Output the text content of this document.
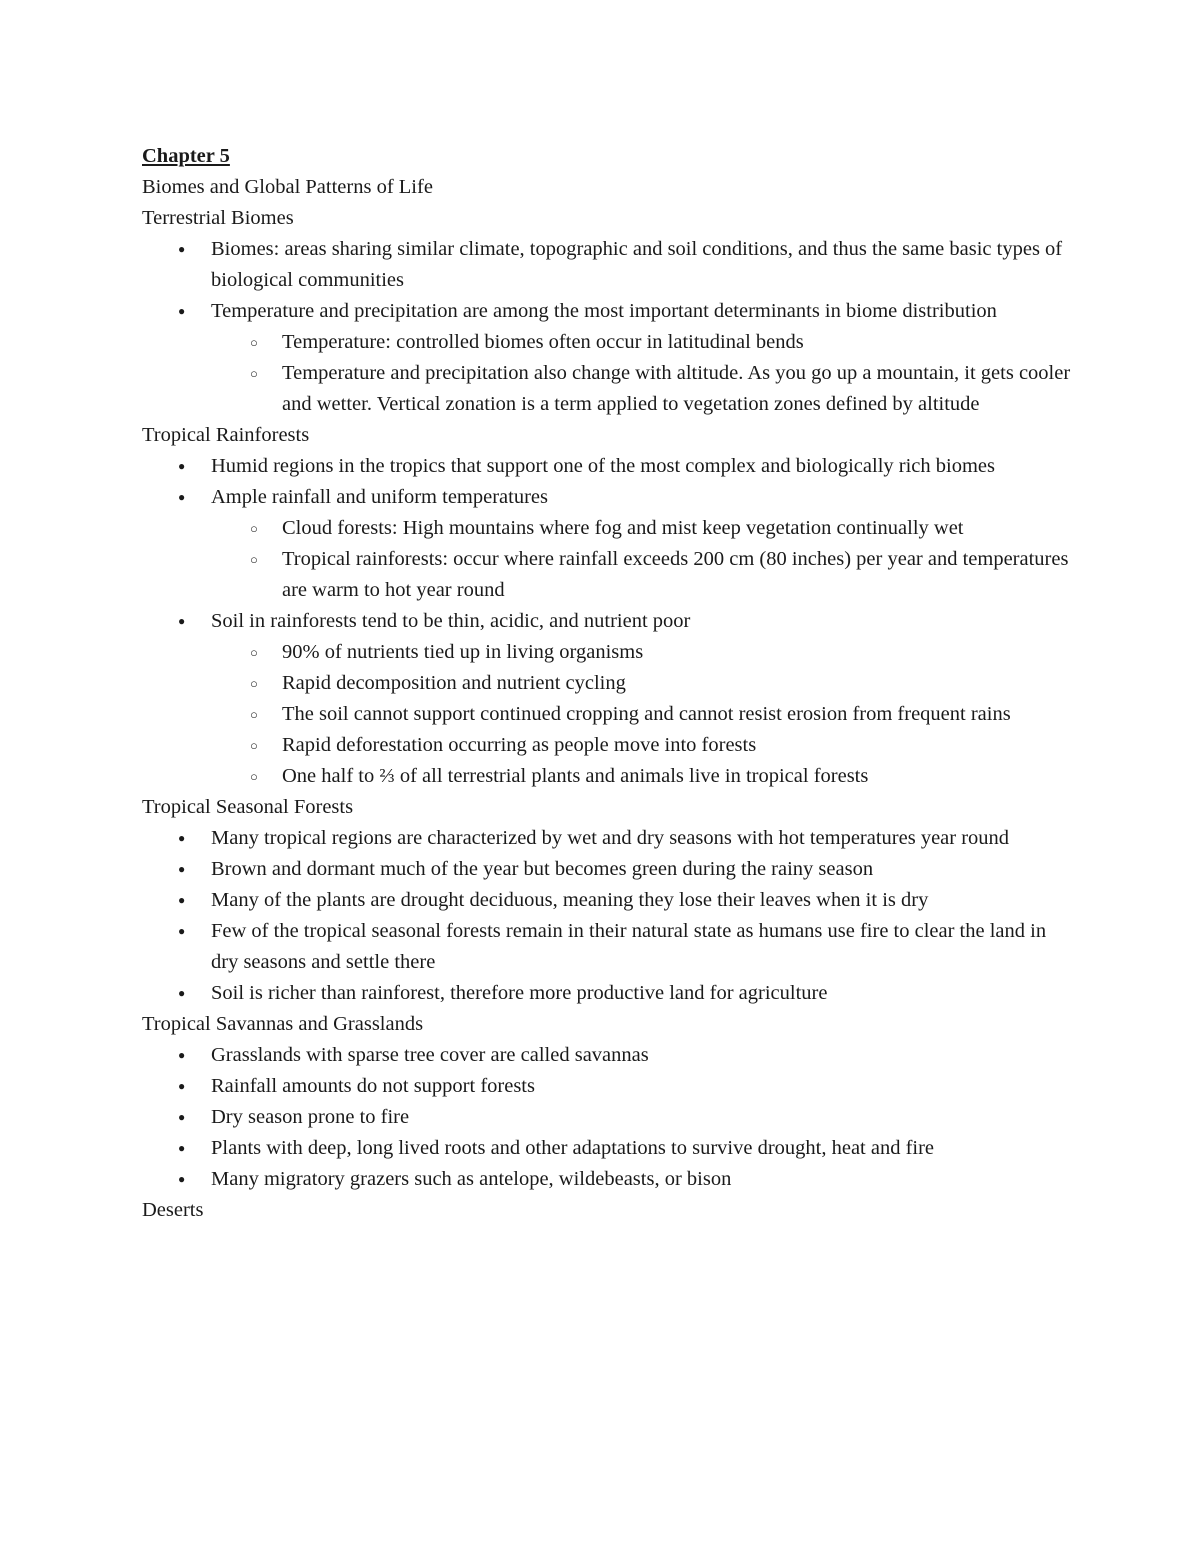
Chapter 5

Biomes and Global Patterns of Life

Terrestrial Biomes

● Biomes: areas sharing similar climate, topographic and soil conditions, and thus the same basic types of biological communities
● Temperature and precipitation are among the most important determinants in biome distribution
○ Temperature: controlled biomes often occur in latitudinal bends
○ Temperature and precipitation also change with altitude. As you go up a mountain, it gets cooler and wetter. Vertical zonation is a term applied to vegetation zones defined by altitude

Tropical Rainforests

● Humid regions in the tropics that support one of the most complex and biologically rich biomes
● Ample rainfall and uniform temperatures
○ Cloud forests: High mountains where fog and mist keep vegetation continually wet
○ Tropical rainforests: occur where rainfall exceeds 200 cm (80 inches) per year and temperatures are warm to hot year round
● Soil in rainforests tend to be thin, acidic, and nutrient poor
○ 90% of nutrients tied up in living organisms
○ Rapid decomposition and nutrient cycling
○ The soil cannot support continued cropping and cannot resist erosion from frequent rains
○ Rapid deforestation occurring as people move into forests
○ One half to ⅔ of all terrestrial plants and animals live in tropical forests

Tropical Seasonal Forests

● Many tropical regions are characterized by wet and dry seasons with hot temperatures year round
● Brown and dormant much of the year but becomes green during the rainy season
● Many of the plants are drought deciduous, meaning they lose their leaves when it is dry
● Few of the tropical seasonal forests remain in their natural state as humans use fire to clear the land in dry seasons and settle there
● Soil is richer than rainforest, therefore more productive land for agriculture

Tropical Savannas and Grasslands

● Grasslands with sparse tree cover are called savannas
● Rainfall amounts do not support forests
● Dry season prone to fire
● Plants with deep, long lived roots and other adaptations to survive drought, heat and fire
● Many migratory grazers such as antelope, wildebeasts, or bison

Deserts
